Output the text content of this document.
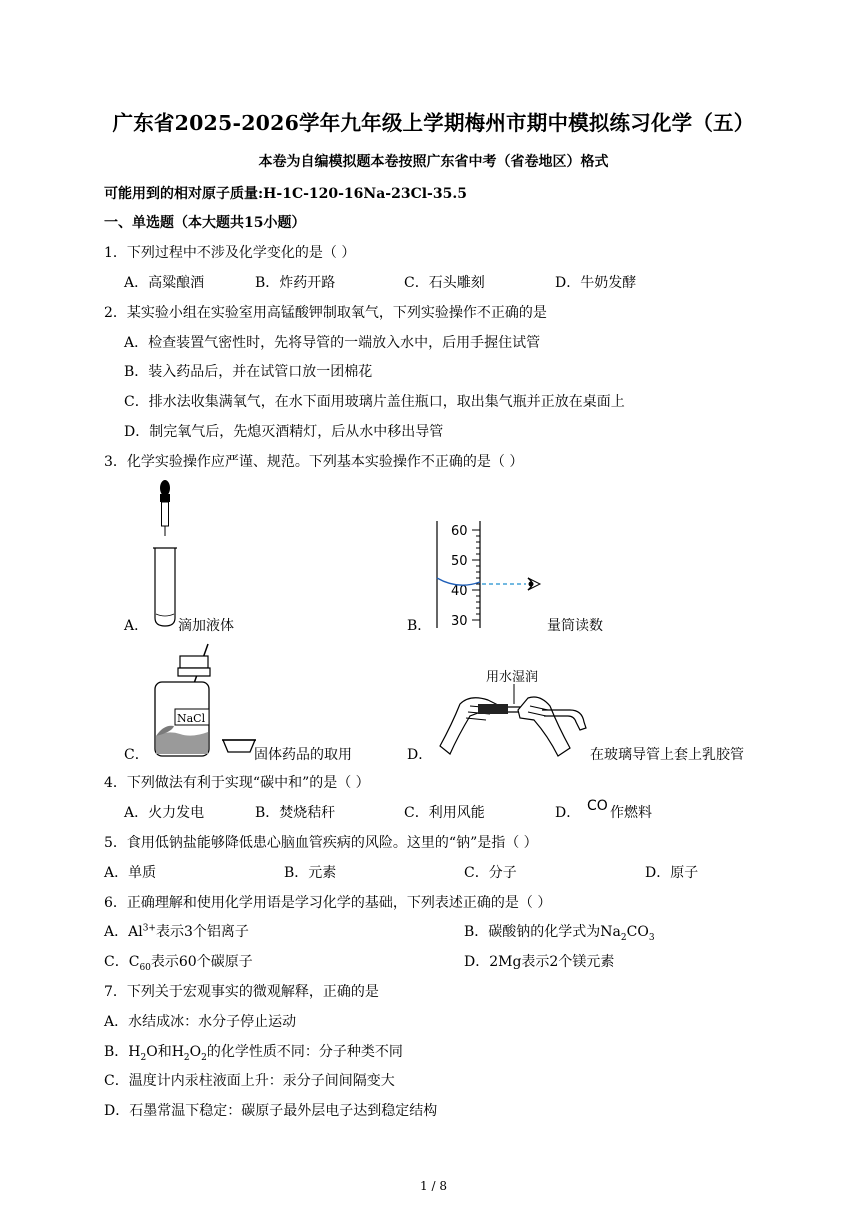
广东省2025-2026学年九年级上学期梅州市期中模拟练习化学（五）
本卷为自编模拟题本卷按照广东省中考（省卷地区）格式
可能用到的相对原子质量:H-1C-120-16Na-23Cl-35.5
一、单选题（本大题共15小题）
1．下列过程中不涉及化学变化的是（ ）
A．高粱酿酒	B．炸药开路	C．石头雕刻	D．牛奶发酵
2．某实验小组在实验室用高锰酸钾制取氧气，下列实验操作不正确的是
A．检查装置气密性时，先将导管的一端放入水中，后用手握住试管
B．装入药品后，并在试管口放一团棉花
C．排水法收集满氧气，在水下面用玻璃片盖住瓶口，取出集气瓶并正放在桌面上
D．制完氧气后，先熄灭酒精灯，后从水中移出导管
3．化学实验操作应严谨、规范。下列基本实验操作不正确的是（ ）
A． 滴加液体
60
50
40
30
B．	量筒读数
NaCl
C．	固体药品的取用
用水湿润
D．	在玻璃导管上套上乳胶管
4．下列做法有利于实现“碳中和”的是（ ）
A．火力发电	B．焚烧秸秆	C．利用风能	D． CO 作燃料
5．食用低钠盐能够降低患心脑血管疾病的风险。这里的“钠”是指（ ）
A．单质	B．元素	C．分子	D．原子
6．正确理解和使用化学用语是学习化学的基础，下列表述正确的是（ ）
A．$Al^{3+}$表示3个铝离子	B．碳酸钠的化学式为$Na_2CO_3$
C．$C_{60}$表示60个碳原子	D．2Mg表示2个镁元素
7．下列关于宏观事实的微观解释，正确的是
A．水结成冰：水分子停止运动
B．$H_2O$和$H_2O_2$的化学性质不同：分子种类不同
C．温度计内汞柱液面上升：汞分子间间隔变大
D．石墨常温下稳定：碳原子最外层电子达到稳定结构
1 / 8
